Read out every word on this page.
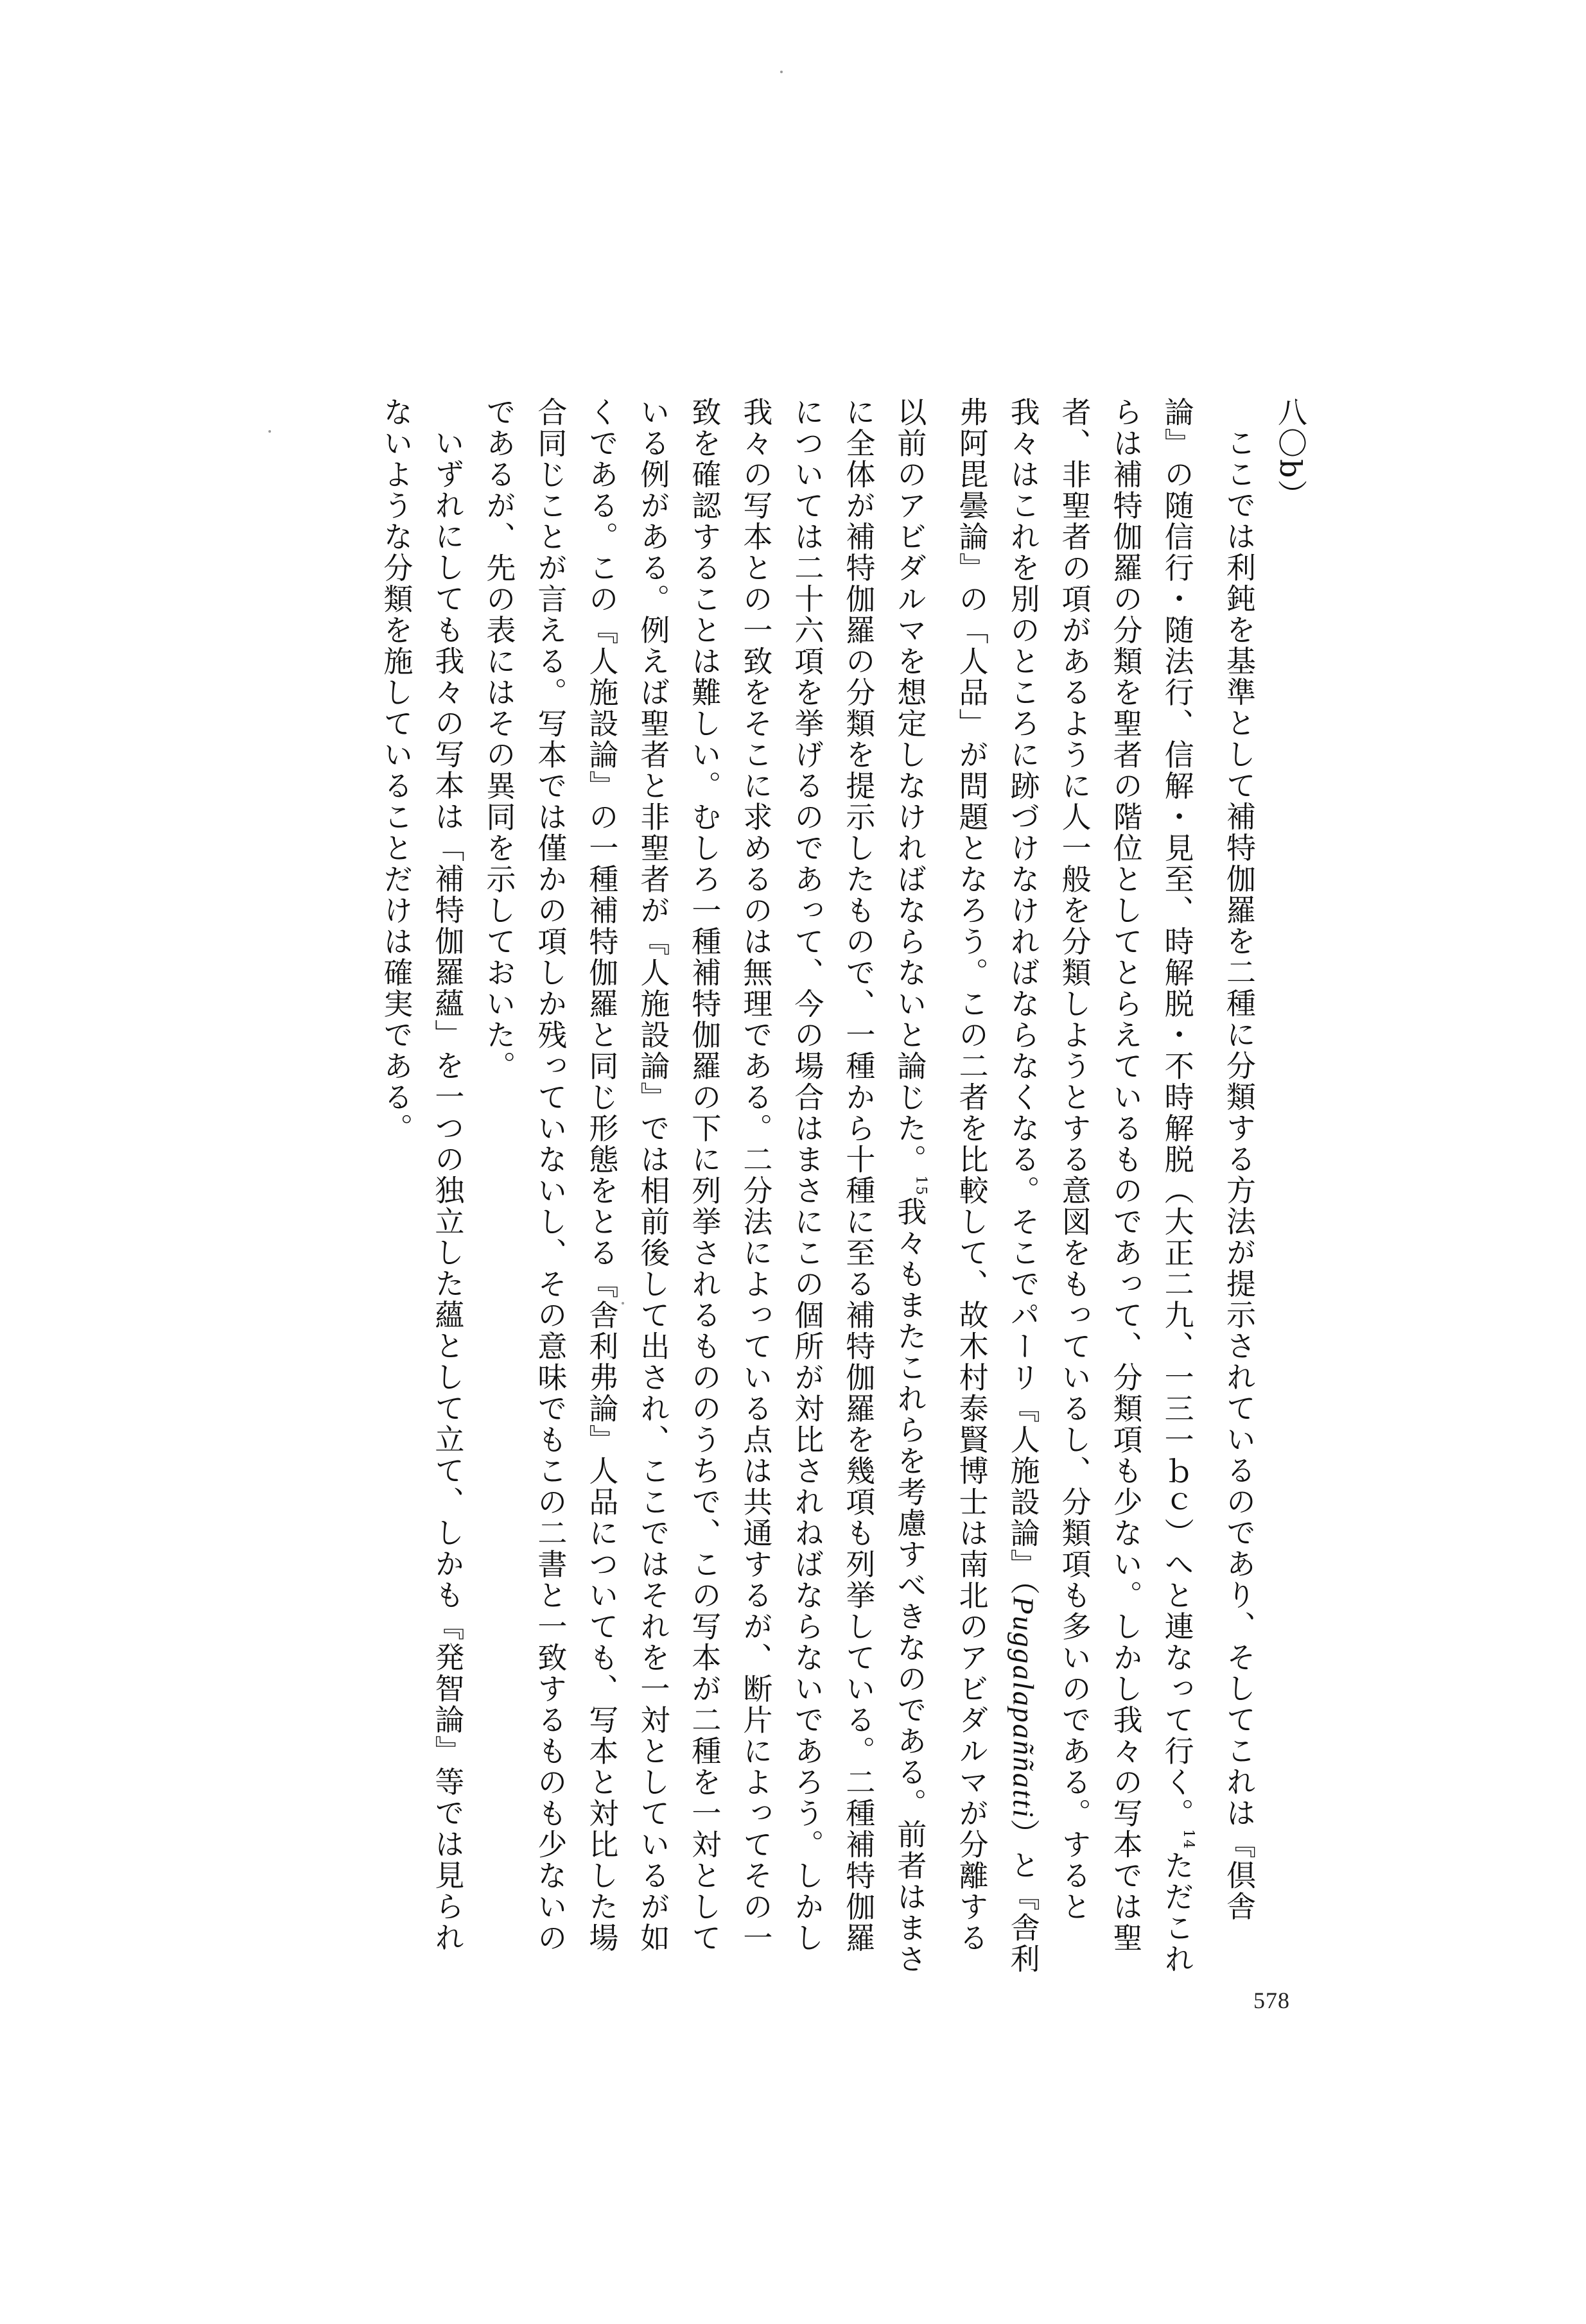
八〇b）
ここでは利鈍を基準として補特伽羅を二種に分類する方法が提示されているのであり、そしてこれは『倶舎
論』の随信行・随法行、信解・見至、時解脱・不時解脱（大正二九、一三一ｂｃ）へと連なって行く。$^{14}$ただこれ
らは補特伽羅の分類を聖者の階位としてとらえているものであって、分類項も少ない。しかし我々の写本では聖
者、非聖者の項があるように人一般を分類しようとする意図をもっているし、分類項も多いのである。すると
我々はこれを別のところに跡づけなければならなくなる。そこでパーリ『人施設論』（Puggalapaññatti）と『舎利
弗阿毘曇論』の「人品」が問題となろう。この二者を比較して、故木村泰賢博士は南北のアビダルマが分離する
以前のアビダルマを想定しなければならないと論じた。$^{15}$我々もまたこれらを考慮すべきなのである。前者はまさ
に全体が補特伽羅の分類を提示したもので、一種から十種に至る補特伽羅を幾項も列挙している。二種補特伽羅
については二十六項を挙げるのであって、今の場合はまさにこの個所が対比されねばならないであろう。しかし
我々の写本との一致をそこに求めるのは無理である。二分法によっている点は共通するが、断片によってその一
致を確認することは難しい。むしろ一種補特伽羅の下に列挙されるもののうちで、この写本が二種を一対として
いる例がある。例えば聖者と非聖者が『人施設論』では相前後して出され、ここではそれを一対としているが如
くである。この『人施設論』の一種補特伽羅と同じ形態をとる『舎利弗論』人品についても、写本と対比した場
合同じことが言える。写本では僅かの項しか残っていないし、その意味でもこの二書と一致するものも少ないの
であるが、先の表にはその異同を示しておいた。
いずれにしても我々の写本は「補特伽羅蘊」を一つの独立した蘊として立て、しかも『発智論』等では見られ
ないような分類を施していることだけは確実である。
578
